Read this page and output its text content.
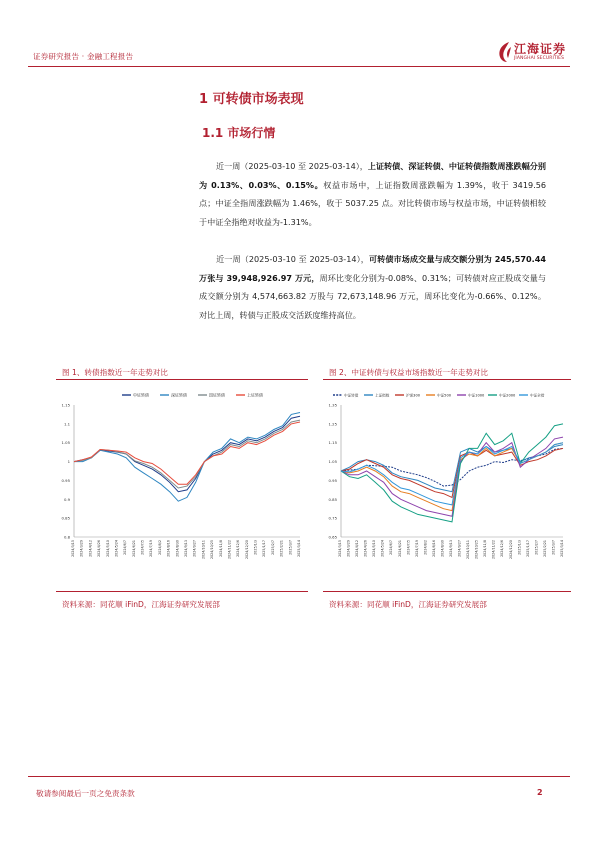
证券研究报告 · 金融工程报告
江海证券
JIANGHAI SECURITIES
1 可转债市场表现
1.1 市场行情
近一周（2025-03-10 至 2025-03-14），上证转债、深证转债、中证转债指数周涨跌幅分别为 0.13%、0.03%、0.15%。权益市场中，上证指数周涨跌幅为 1.39%，收于 3419.56 点；中证全指周涨跌幅为 1.46%，收于 5037.25 点。对比转债市场与权益市场，中证转债相较于中证全指绝对收益为-1.31%。
近一周（2025-03-10 至 2025-03-14），可转债市场成交量与成交额分别为 245,570.44 万张与 39,948,926.97 万元，周环比变化分别为-0.08%、0.31%；可转债对应正股成交量与成交额分别为 4,574,663.82 万股与 72,673,148.96 万元，周环比变化为-0.66%、0.12%。对比上周，转债与正股成交活跃度维持高位。
图 1、转债指数近一年走势对比
1.15
1.1
1.05
1
0.95
0.9
0.85
0.8
2024/3/15 2024/3/29 2024/4/12 2024/4/26 2024/5/10 2024/5/24 2024/6/7 2024/6/21 2024/7/5 2024/7/19 2024/8/2 2024/8/16 2024/8/30 2024/9/13 2024/9/27 2024/10/11 2024/10/25 2024/11/8 2024/11/22 2024/12/6 2024/12/20 2025/1/3 2025/1/17 2025/2/7 2025/2/21 2025/3/7 2025/3/14
中证转债	深证转债	国证转债	上证转债
资料来源：同花顺 iFinD，江海证券研究发展部
图 2、中证转债与权益市场指数近一年走势对比
1.35
1.25
1.15
1.05
0.95
0.85
0.75
0.65
2024/3/15 2024/3/29 2024/4/12 2024/4/26 2024/5/10 2024/5/24 2024/6/7 2024/6/21 2024/7/5 2024/7/19 2024/8/2 2024/8/16 2024/8/30 2024/9/13 2024/9/27 2024/10/11 2024/10/25 2024/11/8 2024/11/22 2024/12/6 2024/12/20 2025/1/3 2025/1/17 2025/2/7 2025/2/21 2025/3/7 2025/3/14
中证转债	上证指数	沪深300	中证500	中证1000	中证2000	中证全指
资料来源：同花顺 iFinD，江海证券研究发展部
敬请参阅最后一页之免责条款	2
